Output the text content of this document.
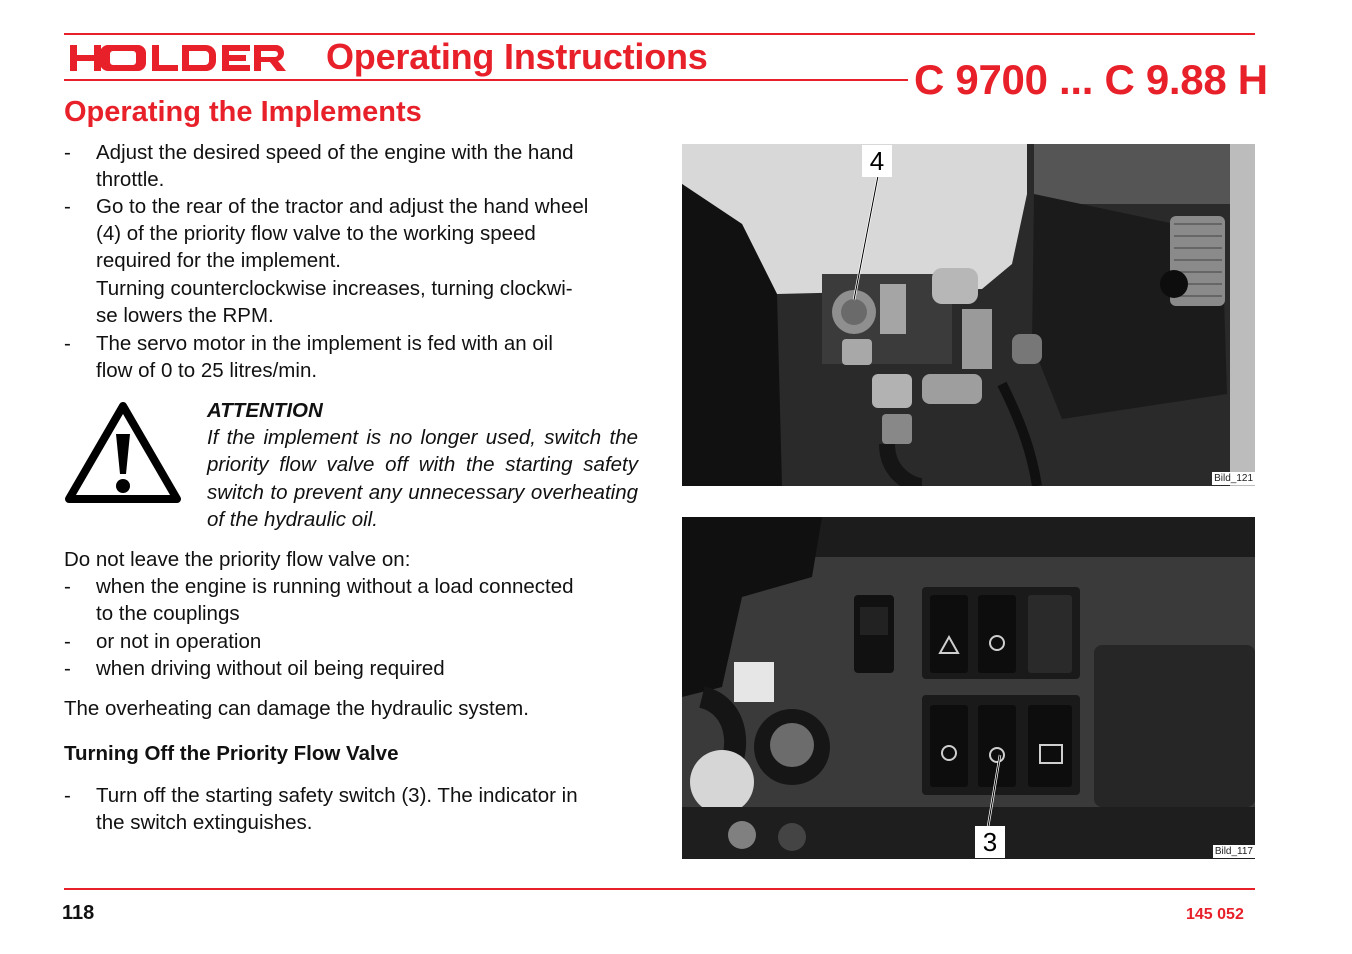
Operating Instructions	C 9700 ... C 9.88 H
Operating the Implements
- Adjust the desired speed of the engine with the hand
throttle.
- Go to the rear of the tractor and adjust the hand wheel
(4) of the priority flow valve to the working speed
required for the implement.
Turning counterclockwise increases, turning clockwi-
se lowers the RPM.
- The servo motor in the implement is fed with an oil
flow of 0 to 25 litres/min.
ATTENTION
If the implement is no longer used, switch the priority flow valve off with the starting safety switch to prevent any unnecessary overheating of the hydraulic oil.
Do not leave the priority flow valve on:
- when the engine is running without a load connected
to the couplings
- or not in operation
- when driving without oil being required
The overheating can damage the hydraulic system.
Turning Off the Priority Flow Valve
- Turn off the starting safety switch (3). The indicator in
the switch extinguishes.
4
Bild_121
3	Bild_117
118	145 052
